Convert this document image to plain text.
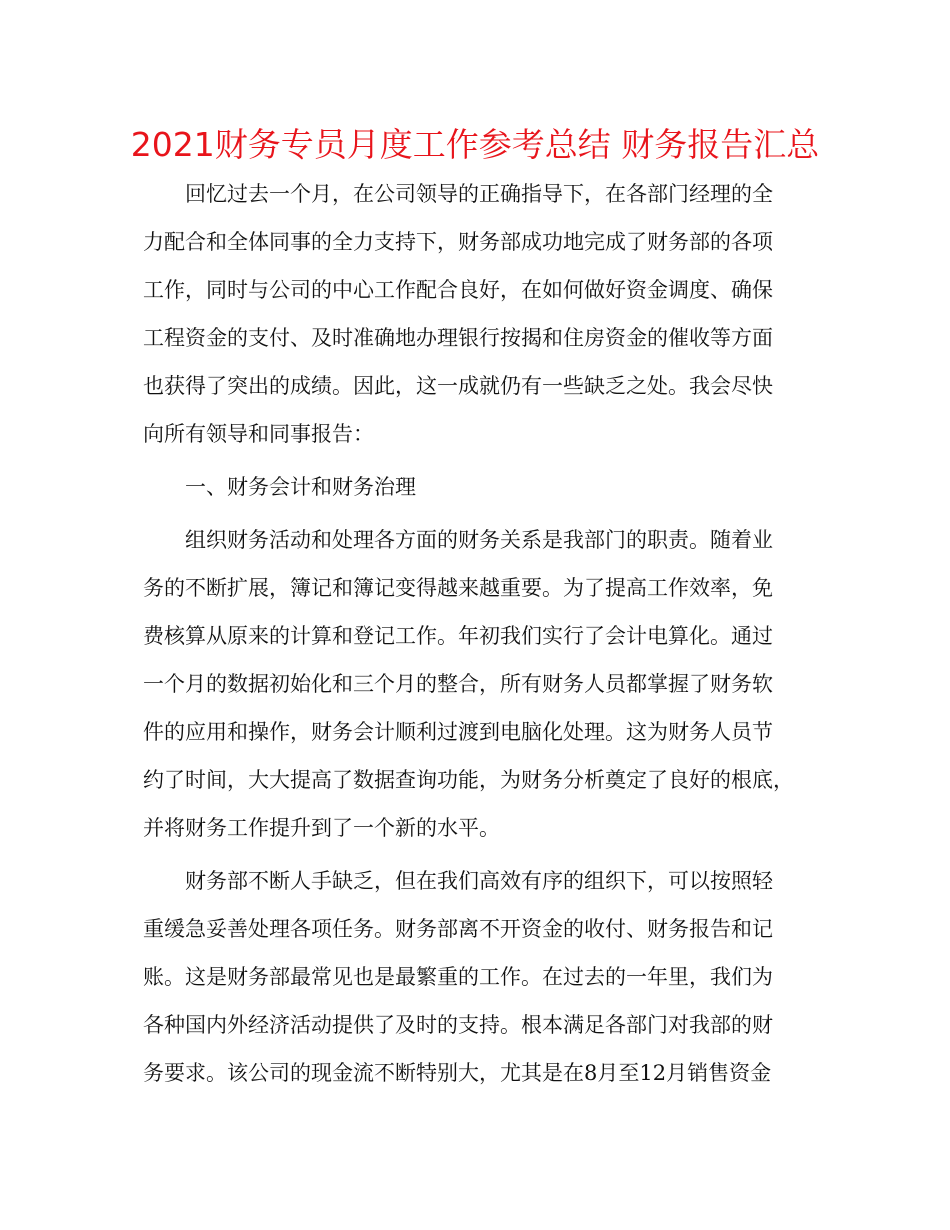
2021财务专员月度工作参考总结 财务报告汇总

回忆过去一个月，在公司领导的正确指导下，在各部门经理的全

力配合和全体同事的全力支持下，财务部成功地完成了财务部的各项

工作，同时与公司的中心工作配合良好，在如何做好资金调度、确保

工程资金的支付、及时准确地办理银行按揭和住房资金的催收等方面

也获得了突出的成绩。因此，这一成就仍有一些缺乏之处。我会尽快

向所有领导和同事报告：

一、财务会计和财务治理

组织财务活动和处理各方面的财务关系是我部门的职责。随着业

务的不断扩展，簿记和簿记变得越来越重要。为了提高工作效率，免

费核算从原来的计算和登记工作。年初我们实行了会计电算化。通过

一个月的数据初始化和三个月的整合，所有财务人员都掌握了财务软

件的应用和操作，财务会计顺利过渡到电脑化处理。这为财务人员节

约了时间，大大提高了数据查询功能，为财务分析奠定了良好的根底，

并将财务工作提升到了一个新的水平。

财务部不断人手缺乏，但在我们高效有序的组织下，可以按照轻

重缓急妥善处理各项任务。财务部离不开资金的收付、财务报告和记

账。这是财务部最常见也是最繁重的工作。在过去的一年里，我们为

各种国内外经济活动提供了及时的支持。根本满足各部门对我部的财

务要求。该公司的现金流不断特别大，尤其是在8月至12月销售资金
